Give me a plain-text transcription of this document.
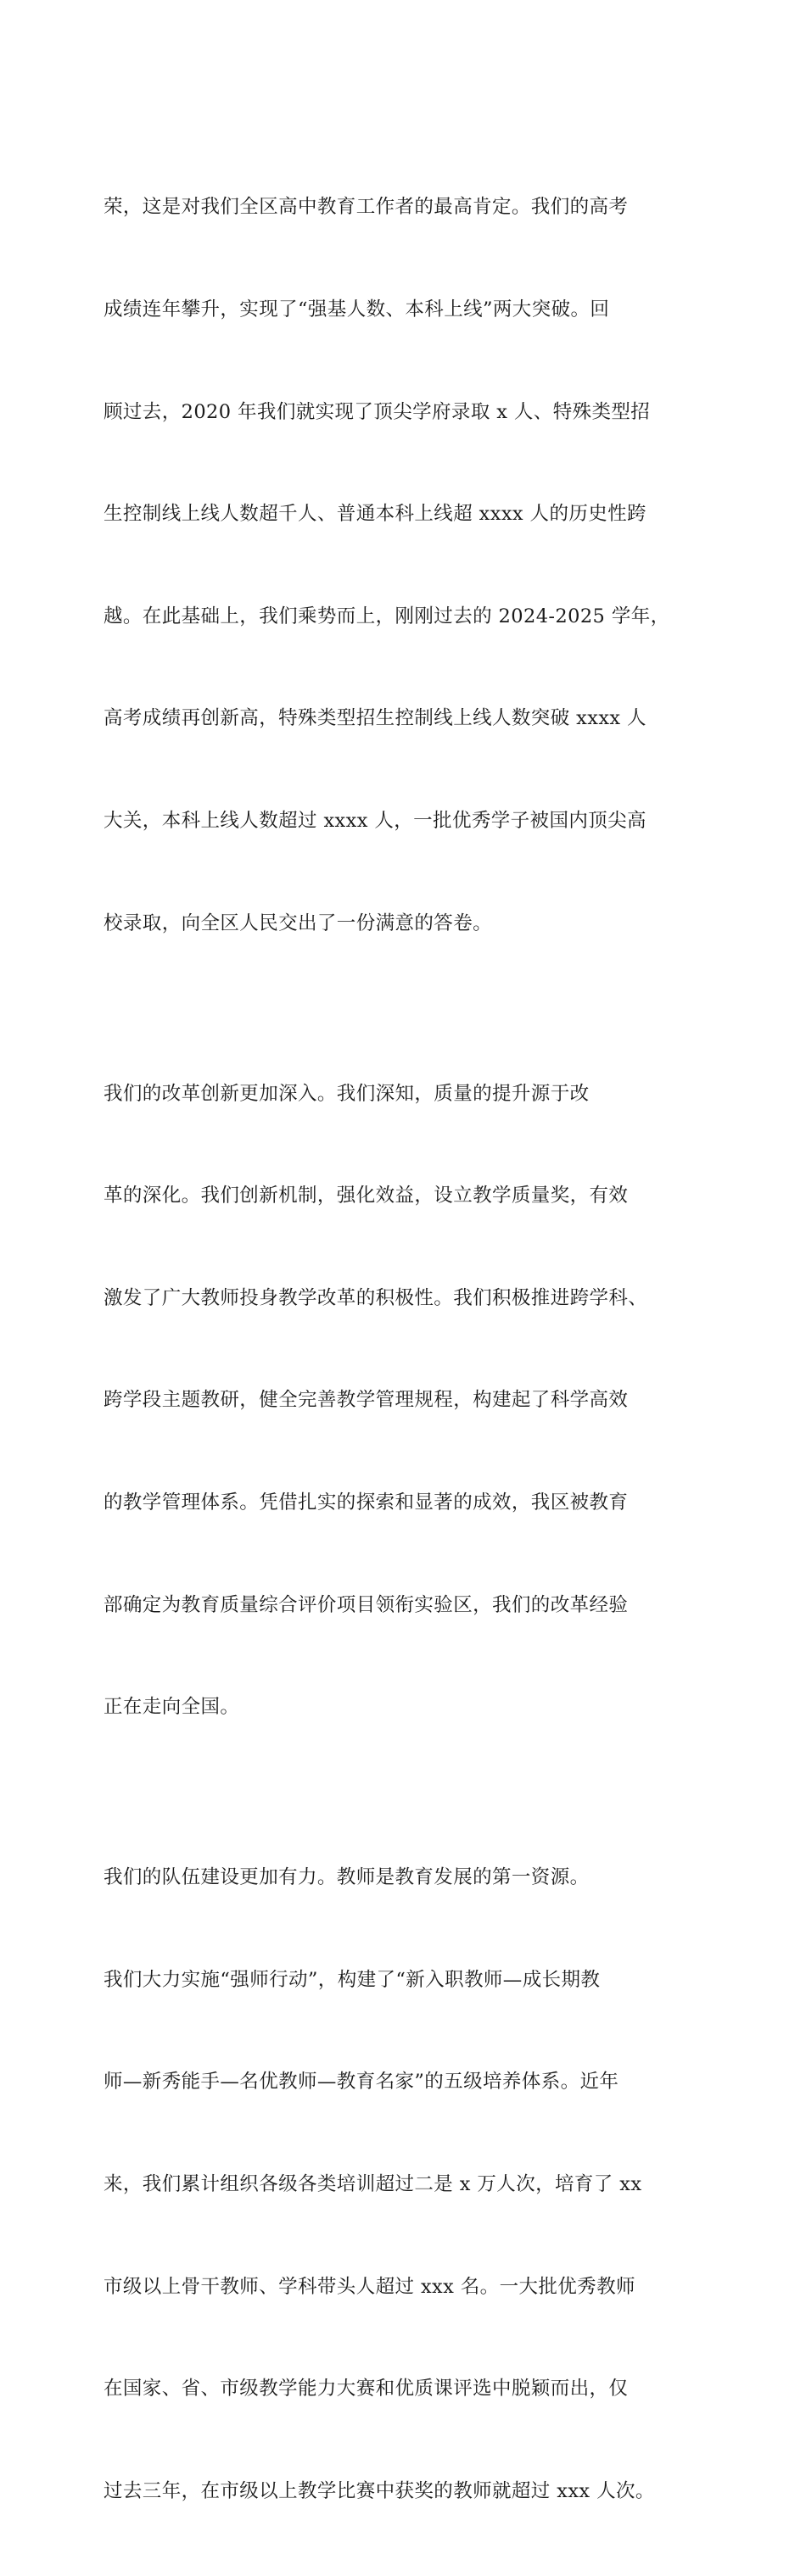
荣，这是对我们全区高中教育工作者的最高肯定。我们的高考

成绩连年攀升，实现了“强基人数、本科上线”两大突破。回

顾过去，2020 年我们就实现了顶尖学府录取 x 人、特殊类型招

生控制线上线人数超千人、普通本科上线超 xxxx 人的历史性跨

越。在此基础上，我们乘势而上，刚刚过去的 2024-2025 学年，

高考成绩再创新高，特殊类型招生控制线上线人数突破 xxxx 人

大关，本科上线人数超过 xxxx 人，一批优秀学子被国内顶尖高

校录取，向全区人民交出了一份满意的答卷。

我们的改革创新更加深入。我们深知，质量的提升源于改

革的深化。我们创新机制，强化效益，设立教学质量奖，有效

激发了广大教师投身教学改革的积极性。我们积极推进跨学科、

跨学段主题教研，健全完善教学管理规程，构建起了科学高效

的教学管理体系。凭借扎实的探索和显著的成效，我区被教育

部确定为教育质量综合评价项目领衔实验区，我们的改革经验

正在走向全国。

我们的队伍建设更加有力。教师是教育发展的第一资源。

我们大力实施“强师行动”，构建了“新入职教师—成长期教

师—新秀能手—名优教师—教育名家”的五级培养体系。近年

来，我们累计组织各级各类培训超过二是 x 万人次，培育了 xx

市级以上骨干教师、学科带头人超过 xxx 名。一大批优秀教师

在国家、省、市级教学能力大赛和优质课评选中脱颖而出，仅

过去三年，在市级以上教学比赛中获奖的教师就超过 xxx 人次。
